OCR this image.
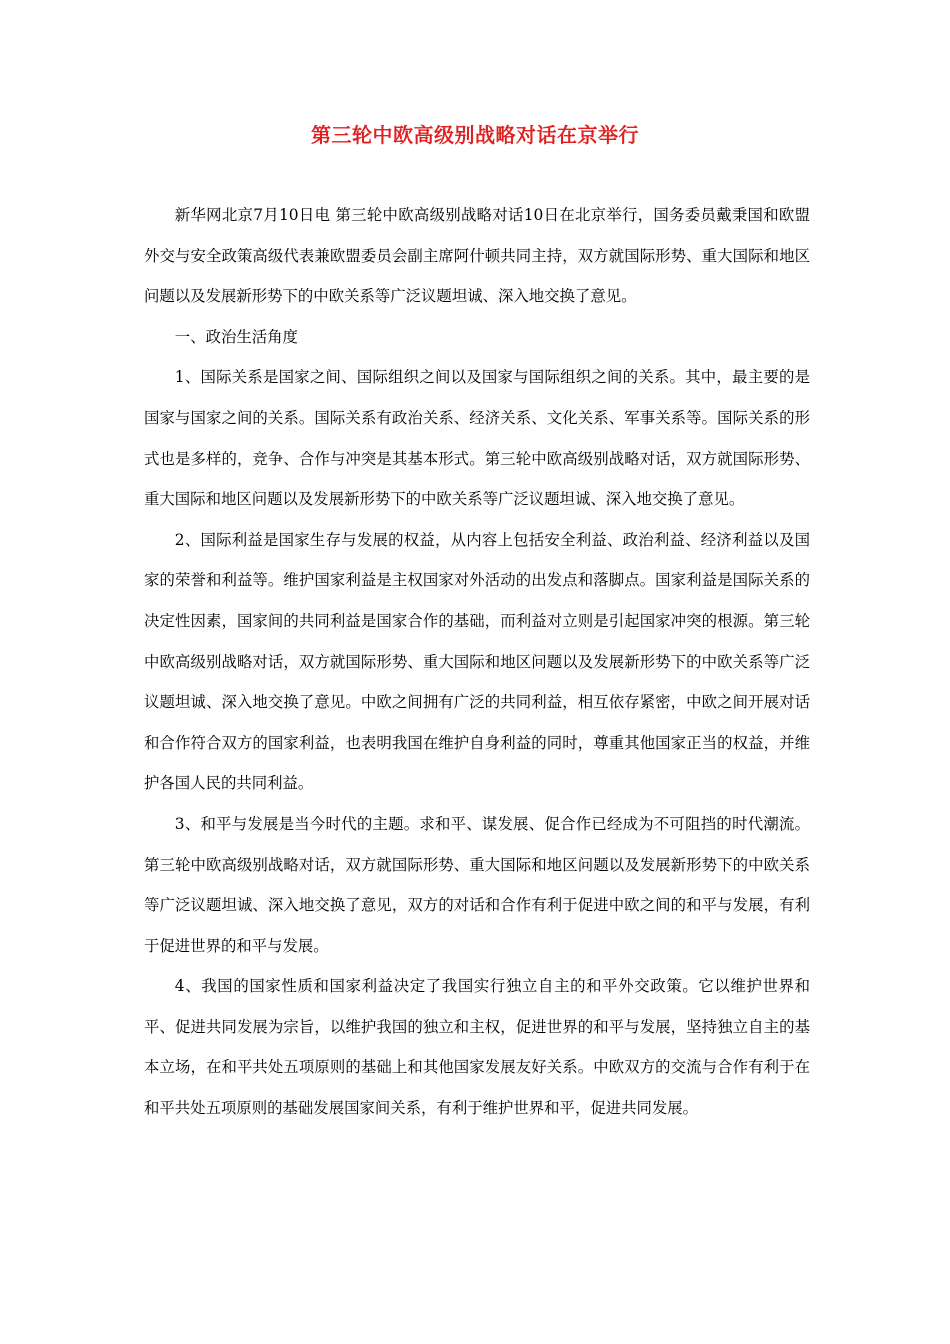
第三轮中欧高级别战略对话在京举行

新华网北京7月10日电 第三轮中欧高级别战略对话10日在北京举行，国务委员戴秉国和欧盟外交与安全政策高级代表兼欧盟委员会副主席阿什顿共同主持，双方就国际形势、重大国际和地区问题以及发展新形势下的中欧关系等广泛议题坦诚、深入地交换了意见。

一、政治生活角度

1、国际关系是国家之间、国际组织之间以及国家与国际组织之间的关系。其中，最主要的是国家与国家之间的关系。国际关系有政治关系、经济关系、文化关系、军事关系等。国际关系的形式也是多样的，竞争、合作与冲突是其基本形式。第三轮中欧高级别战略对话，双方就国际形势、重大国际和地区问题以及发展新形势下的中欧关系等广泛议题坦诚、深入地交换了意见。

2、国际利益是国家生存与发展的权益，从内容上包括安全利益、政治利益、经济利益以及国家的荣誉和利益等。维护国家利益是主权国家对外活动的出发点和落脚点。国家利益是国际关系的决定性因素，国家间的共同利益是国家合作的基础，而利益对立则是引起国家冲突的根源。第三轮中欧高级别战略对话，双方就国际形势、重大国际和地区问题以及发展新形势下的中欧关系等广泛议题坦诚、深入地交换了意见。中欧之间拥有广泛的共同利益，相互依存紧密，中欧之间开展对话和合作符合双方的国家利益，也表明我国在维护自身利益的同时，尊重其他国家正当的权益，并维护各国人民的共同利益。

3、和平与发展是当今时代的主题。求和平、谋发展、促合作已经成为不可阻挡的时代潮流。第三轮中欧高级别战略对话，双方就国际形势、重大国际和地区问题以及发展新形势下的中欧关系等广泛议题坦诚、深入地交换了意见，双方的对话和合作有利于促进中欧之间的和平与发展，有利于促进世界的和平与发展。

4、我国的国家性质和国家利益决定了我国实行独立自主的和平外交政策。它以维护世界和平、促进共同发展为宗旨，以维护我国的独立和主权，促进世界的和平与发展，坚持独立自主的基本立场，在和平共处五项原则的基础上和其他国家发展友好关系。中欧双方的交流与合作有利于在和平共处五项原则的基础发展国家间关系，有利于维护世界和平，促进共同发展。
